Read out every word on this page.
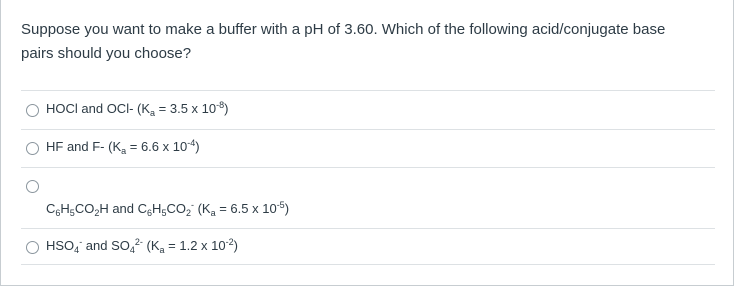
Suppose you want to make a buffer with a pH of 3.60. Which of the following acid/conjugate base
pairs should you choose?
HOCl and OCl- ($K_a = 3.5$ x $10^{-8}$)
HF and F- ($K_a = 6.6$ x $10^{-4}$)
$C_6H_5CO_2H$ and $C_6H_5CO_2^-$ ($K_a = 6.5$ x $10^{-5}$)
$HSO_4^-$ and $SO_4^{2-}$ ($K_a = 1.2$ x $10^{-2}$)
